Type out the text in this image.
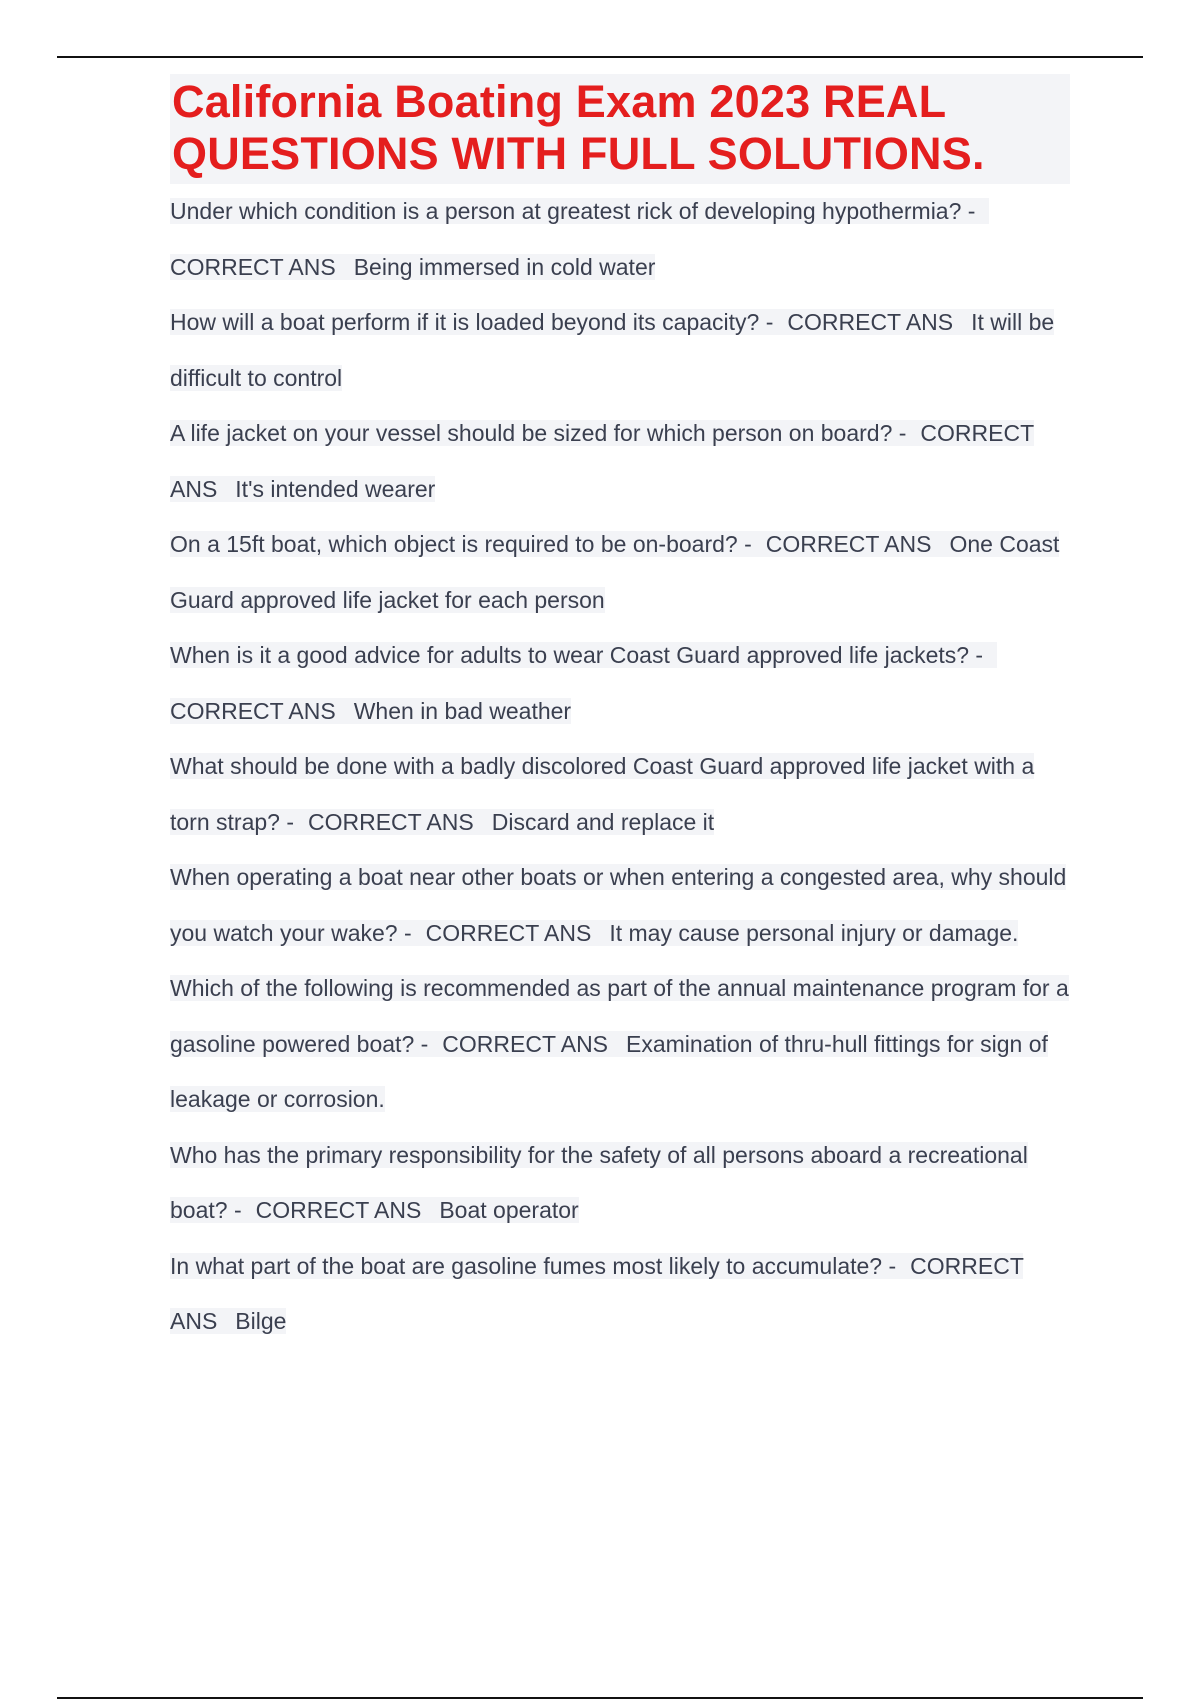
California Boating Exam 2023 REAL QUESTIONS WITH FULL SOLUTIONS.

Under which condition is a person at greatest rick of developing hypothermia? -CORRECT ANS Being immersed in cold water

How will a boat perform if it is loaded beyond its capacity? - CORRECT ANS It will be difficult to control

A life jacket on your vessel should be sized for which person on board? - CORRECT ANS It's intended wearer

On a 15ft boat, which object is required to be on-board? - CORRECT ANS One Coast Guard approved life jacket for each person

When is it a good advice for adults to wear Coast Guard approved life jackets? -CORRECT ANS When in bad weather

What should be done with a badly discolored Coast Guard approved life jacket with a torn strap? - CORRECT ANS Discard and replace it

When operating a boat near other boats or when entering a congested area, why should you watch your wake? - CORRECT ANS It may cause personal injury or damage.

Which of the following is recommended as part of the annual maintenance program for a gasoline powered boat? - CORRECT ANS Examination of thru-hull fittings for sign of leakage or corrosion.

Who has the primary responsibility for the safety of all persons aboard a recreational boat? - CORRECT ANS Boat operator

In what part of the boat are gasoline fumes most likely to accumulate? - CORRECT ANS Bilge
